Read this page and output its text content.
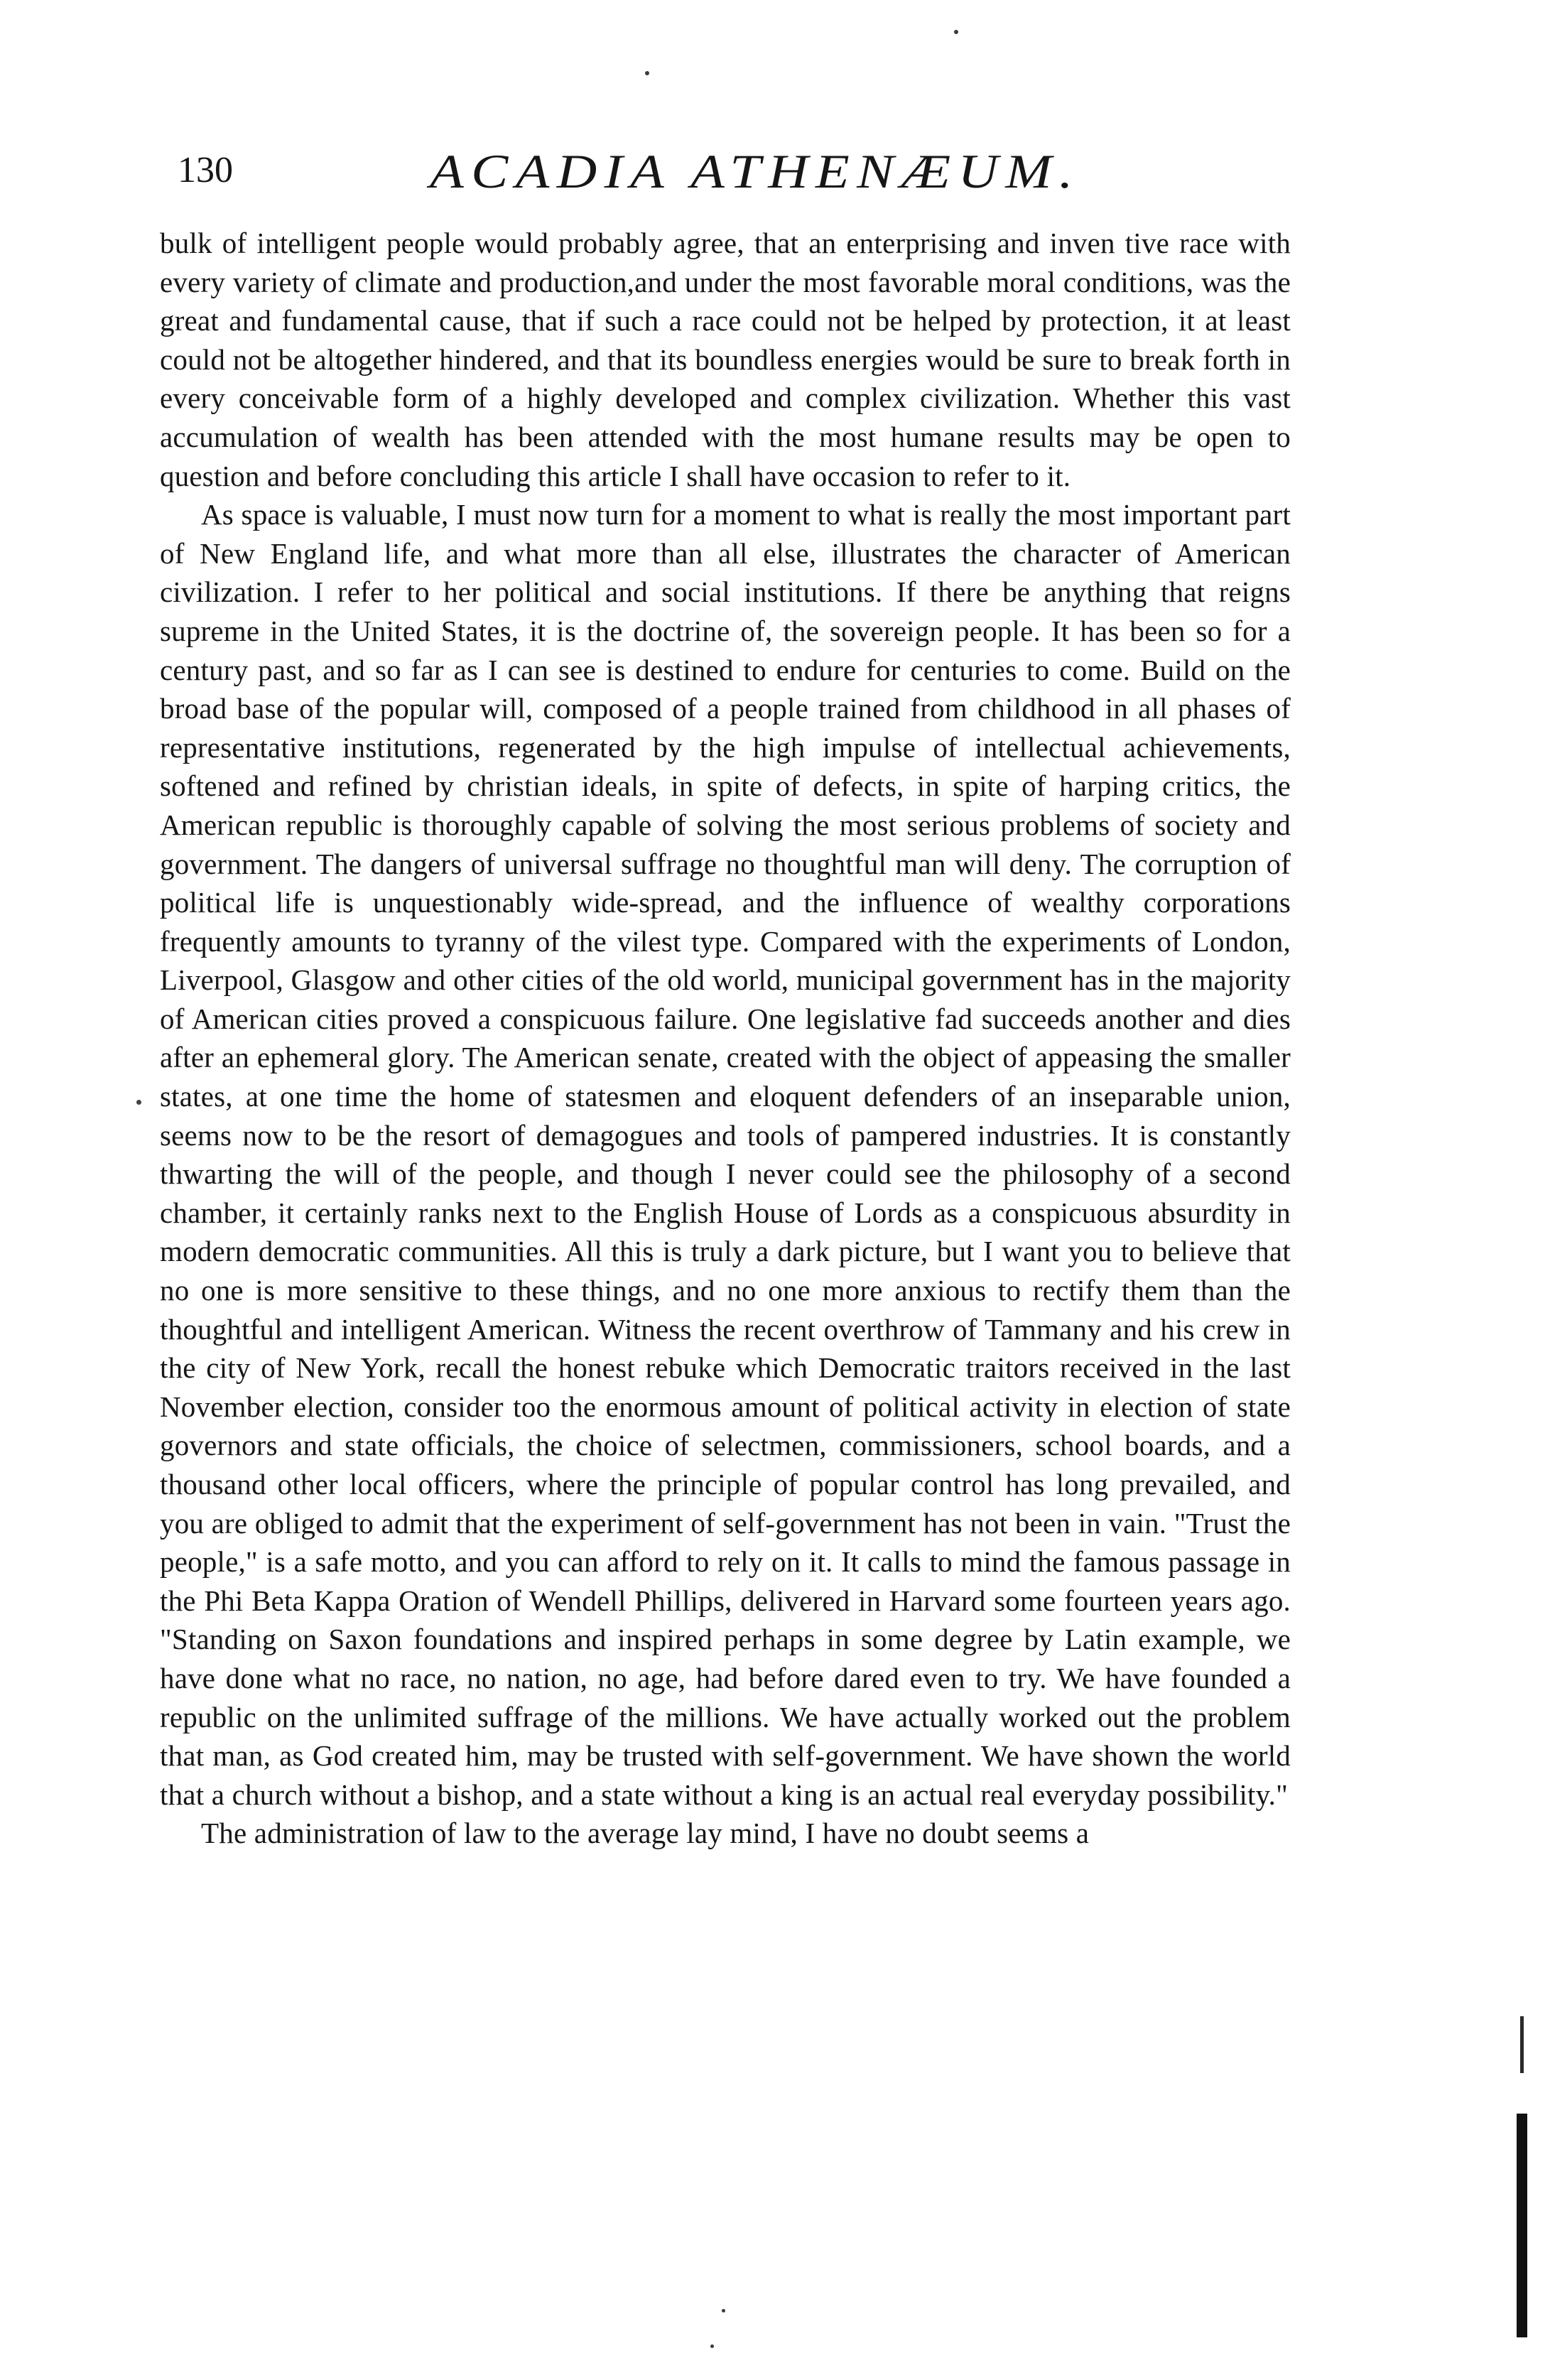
130	ACADIA ATHENÆUM.

bulk of intelligent people would probably agree, that an enterprising and inven tive race with every variety of climate and production,and under the most favorable moral conditions, was the great and fundamental cause, that if such a race could not be helped by protection, it at least could not be altogether hindered, and that its boundless energies would be sure to break forth in every conceivable form of a highly developed and complex civilization. Whether this vast accumulation of wealth has been attended with the most humane results may be open to question and before concluding this article I shall have occasion to refer to it.

As space is valuable, I must now turn for a moment to what is really the most important part of New England life, and what more than all else, illustrates the character of American civilization. I refer to her political and social institutions. If there be anything that reigns supreme in the United States, it is the doctrine of, the sovereign people. It has been so for a century past, and so far as I can see is destined to endure for centuries to come. Build on the broad base of the popular will, composed of a people trained from childhood in all phases of representative institutions, regenerated by the high impulse of intellectual achievements, softened and refined by christian ideals, in spite of defects, in spite of harping critics, the American republic is thoroughly capable of solving the most serious problems of society and government. The dangers of universal suffrage no thoughtful man will deny. The corruption of political life is unquestionably wide-spread, and the influence of wealthy corporations frequently amounts to tyranny of the vilest type. Compared with the experiments of London, Liverpool, Glasgow and other cities of the old world, municipal government has in the majority of American cities proved a conspicuous failure. One legislative fad succeeds another and dies after an ephemeral glory. The American senate, created with the object of appeasing the smaller states, at one time the home of statesmen and eloquent defenders of an inseparable union, seems now to be the resort of demagogues and tools of pampered industries. It is constantly thwarting the will of the people, and though I never could see the philosophy of a second chamber, it certainly ranks next to the English House of Lords as a conspicuous absurdity in modern democratic communities. All this is truly a dark picture, but I want you to believe that no one is more sensitive to these things, and no one more anxious to rectify them than the thoughtful and intelligent American. Witness the recent overthrow of Tammany and his crew in the city of New York, recall the honest rebuke which Democratic traitors received in the last November election, consider too the enormous amount of political activity in election of state governors and state officials, the choice of selectmen, commissioners, school boards, and a thousand other local officers, where the principle of popular control has long prevailed, and you are obliged to admit that the experiment of self-government has not been in vain. "Trust the people," is a safe motto, and you can afford to rely on it. It calls to mind the famous passage in the Phi Beta Kappa Oration of Wendell Phillips, delivered in Harvard some fourteen years ago. "Standing on Saxon foundations and inspired perhaps in some degree by Latin example, we have done what no race, no nation, no age, had before dared even to try. We have founded a republic on the unlimited suffrage of the millions. We have actually worked out the problem that man, as God created him, may be trusted with self-government. We have shown the world that a church without a bishop, and a state without a king is an actual real everyday possibility."

The administration of law to the average lay mind, I have no doubt seems a
